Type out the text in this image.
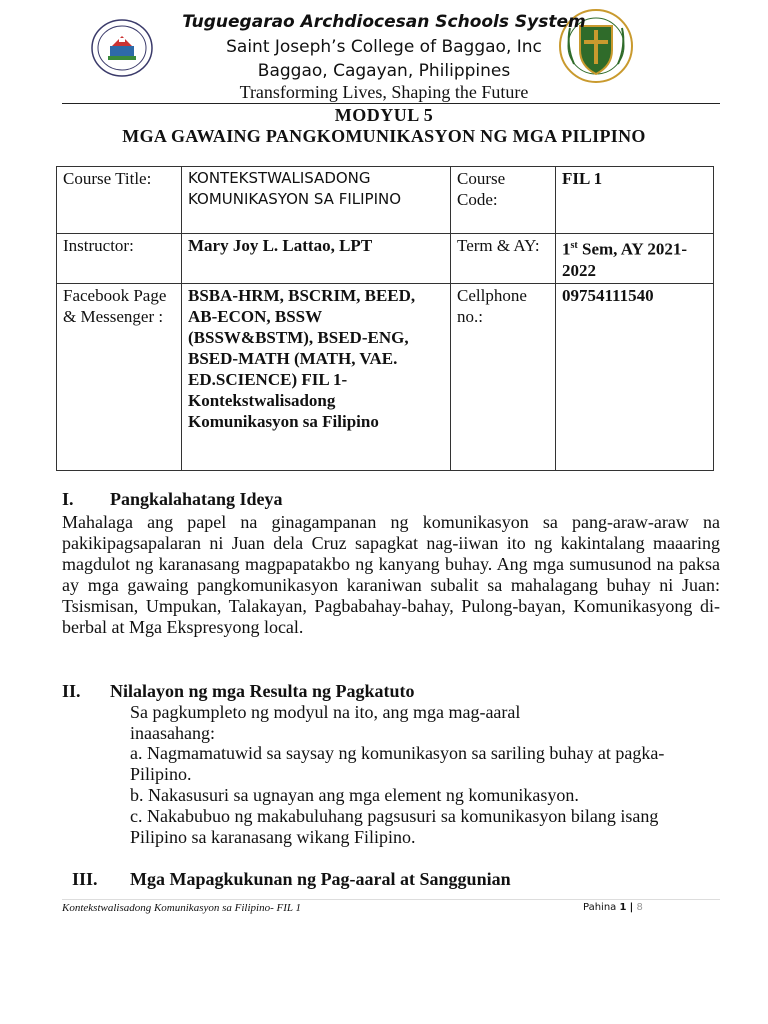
Tuguegarao Archdiocesan Schools System
Saint Joseph’s College of Baggao, Inc
Baggao, Cagayan, Philippines
Transforming Lives, Shaping the Future
MODYUL 5
MGA GAWAING PANGKOMUNIKASYON NG MGA PILIPINO
Course Title:	KONTEKSTWALISADONG KOMUNIKASYON SA FILIPINO	Course Code:	FIL 1
Instructor:	Mary Joy L. Lattao, LPT	Term & AY:	1st Sem, AY 2021-2022
Facebook Page & Messenger :	BSBA-HRM, BSCRIM, BEED, AB-ECON, BSSW (BSSW&BSTM), BSED-ENG, BSED-MATH (MATH, VAE. ED.SCIENCE) FIL 1- Kontekstwalisadong Komunikasyon sa Filipino	Cellphone no.:	09754111540
I. Pangkalahatang Ideya
Mahalaga ang papel na ginagampanan ng komunikasyon sa pang-araw-araw na pakikipagsapalaran ni Juan dela Cruz sapagkat nag-iiwan ito ng kakintalang maaaring magdulot ng karanasang magpapatakbo ng kanyang buhay. Ang mga sumusunod na paksa ay mga gawaing pangkomunikasyon karaniwan subalit sa mahalagang buhay ni Juan: Tsismisan, Umpukan, Talakayan, Pagbabahay-bahay, Pulong-bayan, Komunikasyong di-berbal at Mga Ekspresyong local.
II. Nilalayon ng mga Resulta ng Pagkatuto
Sa pagkumpleto ng modyul na ito, ang mga mag-aaral inaasahang:
a. Nagmamatuwid sa saysay ng komunikasyon sa sariling buhay at pagka-Pilipino.
b. Nakasusuri sa ugnayan ang mga element ng komunikasyon.
c. Nakabubuo ng makabuluhang pagsusuri sa komunikasyon bilang isang Pilipino sa karanasang wikang Filipino.
III. Mga Mapagkukunan ng Pag-aaral at Sanggunian
Kontekstwalisadong Komunikasyon sa Filipino- FIL 1	Pahina 1 | 8
